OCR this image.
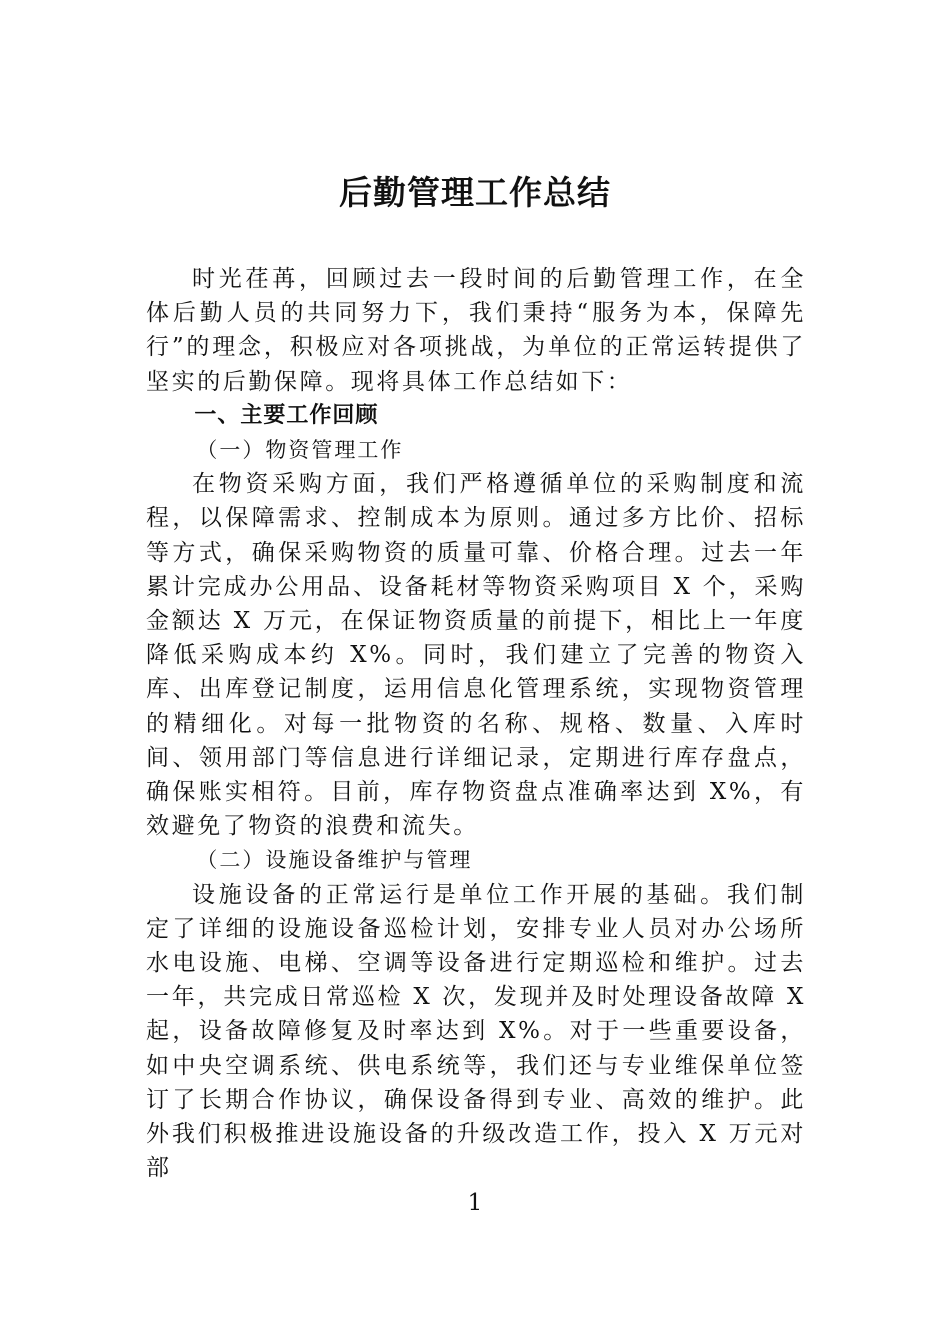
后勤管理工作总结

时光荏苒，回顾过去一段时间的后勤管理工作，在全体后勤人员的共同努力下，我们秉持“服务为本，保障先行”的理念，积极应对各项挑战，为单位的正常运转提供了坚实的后勤保障。现将具体工作总结如下：

一、主要工作回顾

（一）物资管理工作

在物资采购方面，我们严格遵循单位的采购制度和流程，以保障需求、控制成本为原则。通过多方比价、招标等方式，确保采购物资的质量可靠、价格合理。过去一年累计完成办公用品、设备耗材等物资采购项目 X 个，采购金额达 X 万元，在保证物资质量的前提下，相比上一年度降低采购成本约 X%。同时，我们建立了完善的物资入库、出库登记制度，运用信息化管理系统，实现物资管理的精细化。对每一批物资的名称、规格、数量、入库时间、领用部门等信息进行详细记录，定期进行库存盘点，确保账实相符。目前，库存物资盘点准确率达到 X%，有效避免了物资的浪费和流失。

（二）设施设备维护与管理

设施设备的正常运行是单位工作开展的基础。我们制定了详细的设施设备巡检计划，安排专业人员对办公场所水电设施、电梯、空调等设备进行定期巡检和维护。过去一年，共完成日常巡检 X 次，发现并及时处理设备故障 X 起，设备故障修复及时率达到 X%。对于一些重要设备，如中央空调系统、供电系统等，我们还与专业维保单位签订了长期合作协议，确保设备得到专业、高效的维护。此外我们积极推进设施设备的升级改造工作，投入 X 万元对部

1
